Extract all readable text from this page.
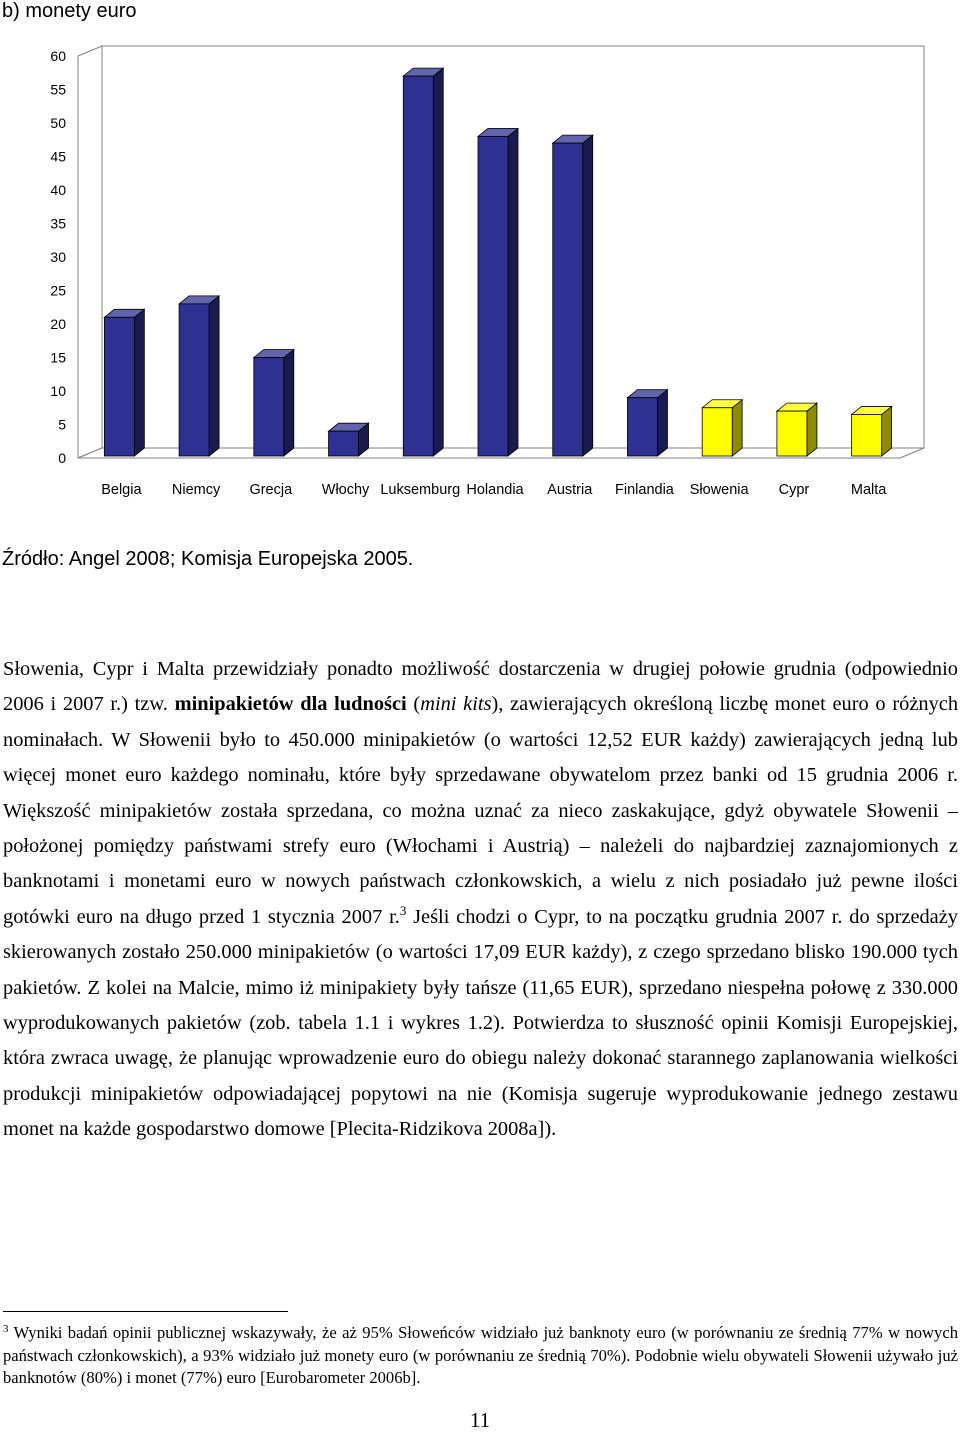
b) monety euro
60
55
50
45
40
35
30
25
20
15
10
5
0
Belgia Niemcy Grecja Włochy Luksemburg Holandia Austria Finlandia Słowenia Cypr	Malta
Źródło: Angel 2008; Komisja Europejska 2005.

Słowenia, Cypr i Malta przewidziały ponadto możliwość dostarczenia w drugiej połowie grudnia (odpowiednio 2006 i 2007 r.) tzw. minipakietów dla ludności (mini kits), zawierających określoną liczbę monet euro o różnych nominałach. W Słowenii było to 450.000 minipakietów (o wartości 12,52 EUR każdy) zawierających jedną lub więcej monet euro każdego nominału, które były sprzedawane obywatelom przez banki od 15 grudnia 2006 r. Większość minipakietów została sprzedana, co można uznać za nieco zaskakujące, gdyż obywatele Słowenii – położonej pomiędzy państwami strefy euro (Włochami i Austrią) – należeli do najbardziej zaznajomionych z banknotami i monetami euro w nowych państwach członkowskich, a wielu z nich posiadało już pewne ilości gotówki euro na długo przed 1 stycznia 2007 r.$^3$ Jeśli chodzi o Cypr, to na początku grudnia 2007 r. do sprzedaży skierowanych zostało 250.000 minipakietów (o wartości 17,09 EUR każdy), z czego sprzedano blisko 190.000 tych pakietów. Z kolei na Malcie, mimo iż minipakiety były tańsze (11,65 EUR), sprzedano niespełna połowę z 330.000 wyprodukowanych pakietów (zob. tabela 1.1 i wykres 1.2). Potwierdza to słuszność opinii Komisji Europejskiej, która zwraca uwagę, że planując wprowadzenie euro do obiegu należy dokonać starannego zaplanowania wielkości produkcji minipakietów odpowiadającej popytowi na nie (Komisja sugeruje wyprodukowanie jednego zestawu monet na każde gospodarstwo domowe [Plecita-Ridzikova 2008a]).

$^3$ Wyniki badań opinii publicznej wskazywały, że aż 95% Słoweńców widziało już banknoty euro (w porównaniu ze średnią 77% w nowych państwach członkowskich), a 93% widziało już monety euro (w porównaniu ze średnią 70%). Podobnie wielu obywateli Słowenii używało już banknotów (80%) i monet (77%) euro [Eurobarometer 2006b].

11
